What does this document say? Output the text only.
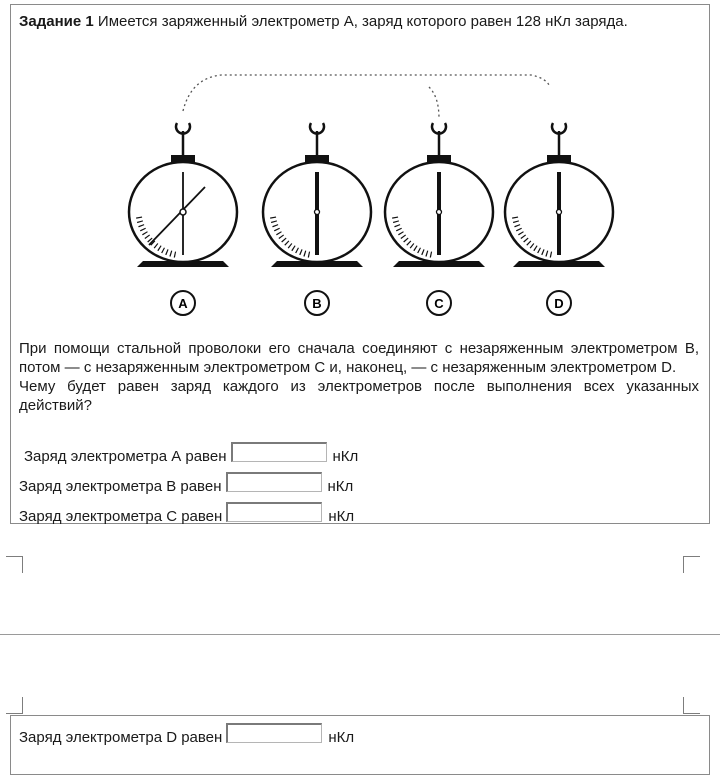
Задание 1 Имеется заряженный электрометр А, заряд которого равен 128 нКл заряда.

A	B	C	D
При помощи стальной проволоки его сначала соединяют с незаряженным электрометром В, потом — с незаряженным электрометром С и, наконец, — с незаряженным электрометром D.
Чему будет равен заряд каждого из электрометров после выполнения всех указанных действий?
Заряд электрометра А равен	нКл
Заряд электрометра В равен	нКл
Заряд электрометра С равен	нКл
Заряд электрометра D равен	нКл
